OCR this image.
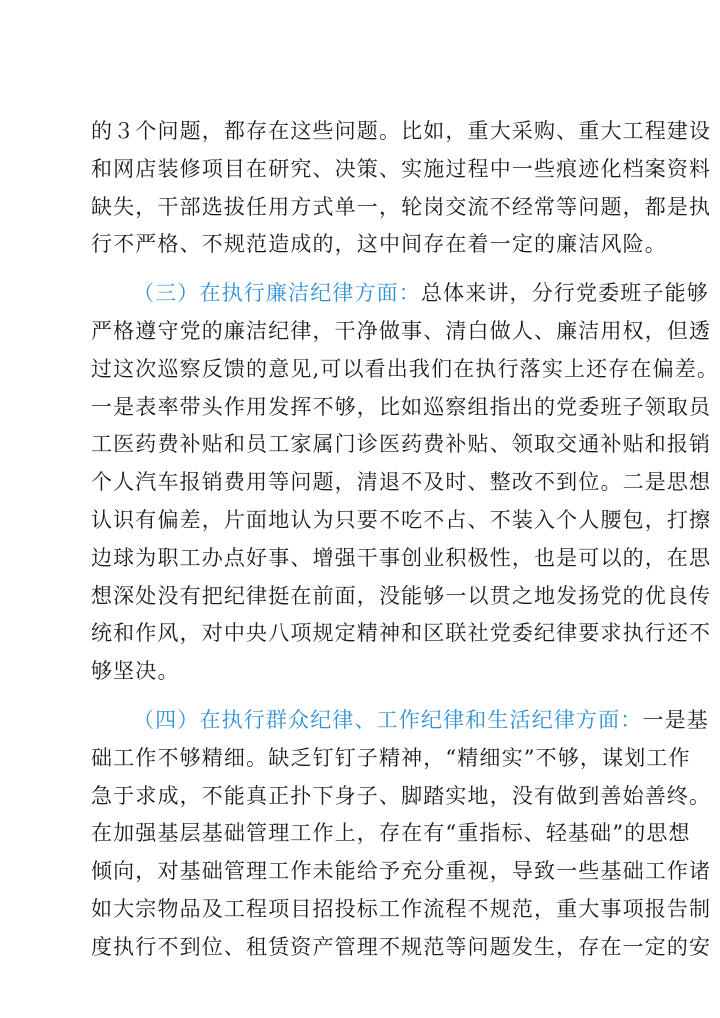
的３个问题，都存在这些问题。比如，重大采购、重大工程建设
和网店装修项目在研究、决策、实施过程中一些痕迹化档案资料
缺失，干部选拔任用方式单一，轮岗交流不经常等问题，都是执
行不严格、不规范造成的，这中间存在着一定的廉洁风险。
（三）在执行廉洁纪律方面：总体来讲，分行党委班子能够
严格遵守党的廉洁纪律，干净做事、清白做人、廉洁用权，但透
过这次巡察反馈的意见,可以看出我们在执行落实上还存在偏差。
一是表率带头作用发挥不够，比如巡察组指出的党委班子领取员
工医药费补贴和员工家属门诊医药费补贴、领取交通补贴和报销
个人汽车报销费用等问题，清退不及时、整改不到位。二是思想
认识有偏差，片面地认为只要不吃不占、不装入个人腰包，打擦
边球为职工办点好事、增强干事创业积极性，也是可以的，在思
想深处没有把纪律挺在前面，没能够一以贯之地发扬党的优良传
统和作风，对中央八项规定精神和区联社党委纪律要求执行还不
够坚决。
（四）在执行群众纪律、工作纪律和生活纪律方面：一是基
础工作不够精细。缺乏钉钉子精神，“精细实”不够，谋划工作
急于求成，不能真正扑下身子、脚踏实地，没有做到善始善终。
在加强基层基础管理工作上，存在有“重指标、轻基础”的思想
倾向，对基础管理工作未能给予充分重视，导致一些基础工作诸
如大宗物品及工程项目招投标工作流程不规范，重大事项报告制
度执行不到位、租赁资产管理不规范等问题发生，存在一定的安
